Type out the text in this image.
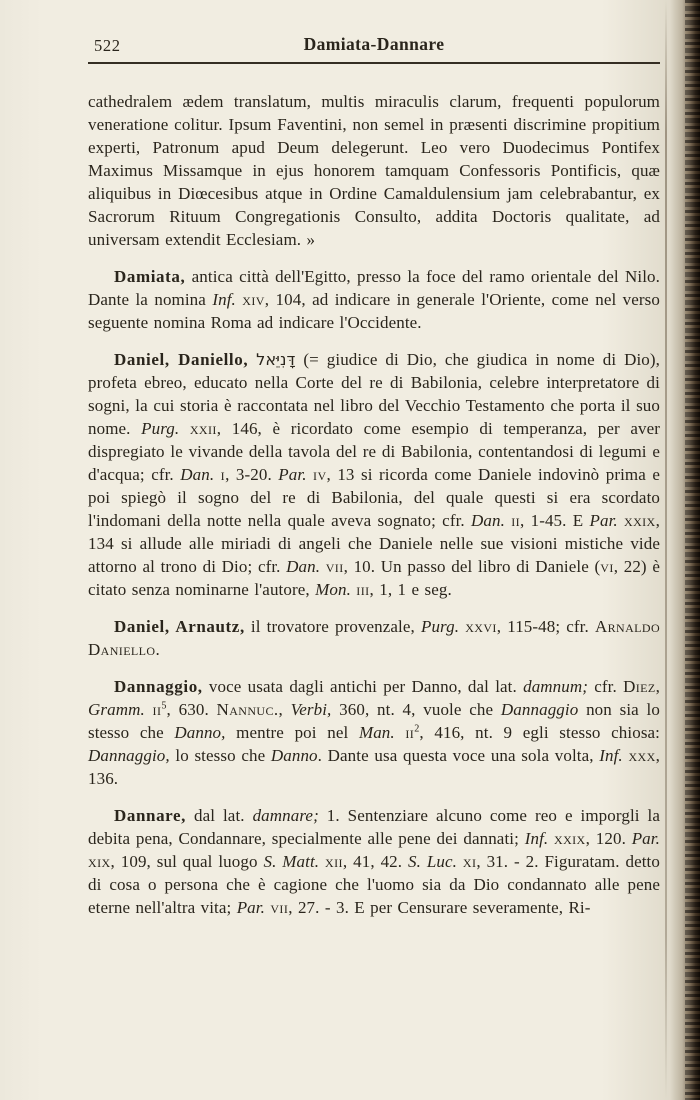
522	Damiata-Dannare

cathedralem ædem translatum, multis miraculis clarum, frequenti populorum veneratione colitur. Ipsum Faventini, non semel in præsenti discrimine propitium experti, Patronum apud Deum delegerunt. Leo vero Duodecimus Pontifex Maximus Missamque in ejus honorem tamquam Confessoris Pontificis, quæ aliquibus in Diœcesibus atque in Ordine Camaldulensium jam celebrabantur, ex Sacrorum Rituum Congregationis Consulto, addita Doctoris qualitate, ad universam extendit Ecclesiam. »

Damiata, antica città dell'Egitto, presso la foce del ramo orientale del Nilo. Dante la nomina Inf. xiv, 104, ad indicare in generale l'Oriente, come nel verso seguente nomina Roma ad indicare l'Occidente.

Daniel, Daniello, דָּנִיֵּאל (= giudice di Dio, che giudica in nome di Dio), profeta ebreo, educato nella Corte del re di Babilonia, celebre interpretatore di sogni, la cui storia è raccontata nel libro del Vecchio Testamento che porta il suo nome. Purg. xxii, 146, è ricordato come esempio di temperanza, per aver dispregiato le vivande della tavola del re di Babilonia, contentandosi di legumi e d'acqua; cfr. Dan. i, 3-20. Par. iv, 13 si ricorda come Daniele indovinò prima e poi spiegò il sogno del re di Babilonia, del quale questi si era scordato l'indomani della notte nella quale aveva sognato; cfr. Dan. ii, 1-45. E Par. xxix, 134 si allude alle miriadi di angeli che Daniele nelle sue visioni mistiche vide attorno al trono di Dio; cfr. Dan. vii, 10. Un passo del libro di Daniele (vi, 22) è citato senza nominarne l'autore, Mon. iii, 1, 1 e seg.

Daniel, Arnautz, il trovatore provenzale, Purg. xxvi, 115-48; cfr. Arnaldo Daniello.

Dannaggio, voce usata dagli antichi per Danno, dal lat. damnum; cfr. Diez, Gramm. $ii^5$, 630. Nannuc., Verbi, 360, nt. 4, vuole che Dannaggio non sia lo stesso che Danno, mentre poi nel Man. $ii^2$, 416, nt. 9 egli stesso chiosa: Dannaggio, lo stesso che Danno. Dante usa questa voce una sola volta, Inf. xxx, 136.

Dannare, dal lat. damnare; 1. Sentenziare alcuno come reo e imporgli la debita pena, Condannare, specialmente alle pene dei dannati; Inf. xxix, 120. Par. xix, 109, sul qual luogo S. Matt. xii, 41, 42. S. Luc. xi, 31. - 2. Figuratam. detto di cosa o persona che è cagione che l'uomo sia da Dio condannato alle pene eterne nell'altra vita; Par. vii, 27. - 3. E per Censurare severamente, Ri-
